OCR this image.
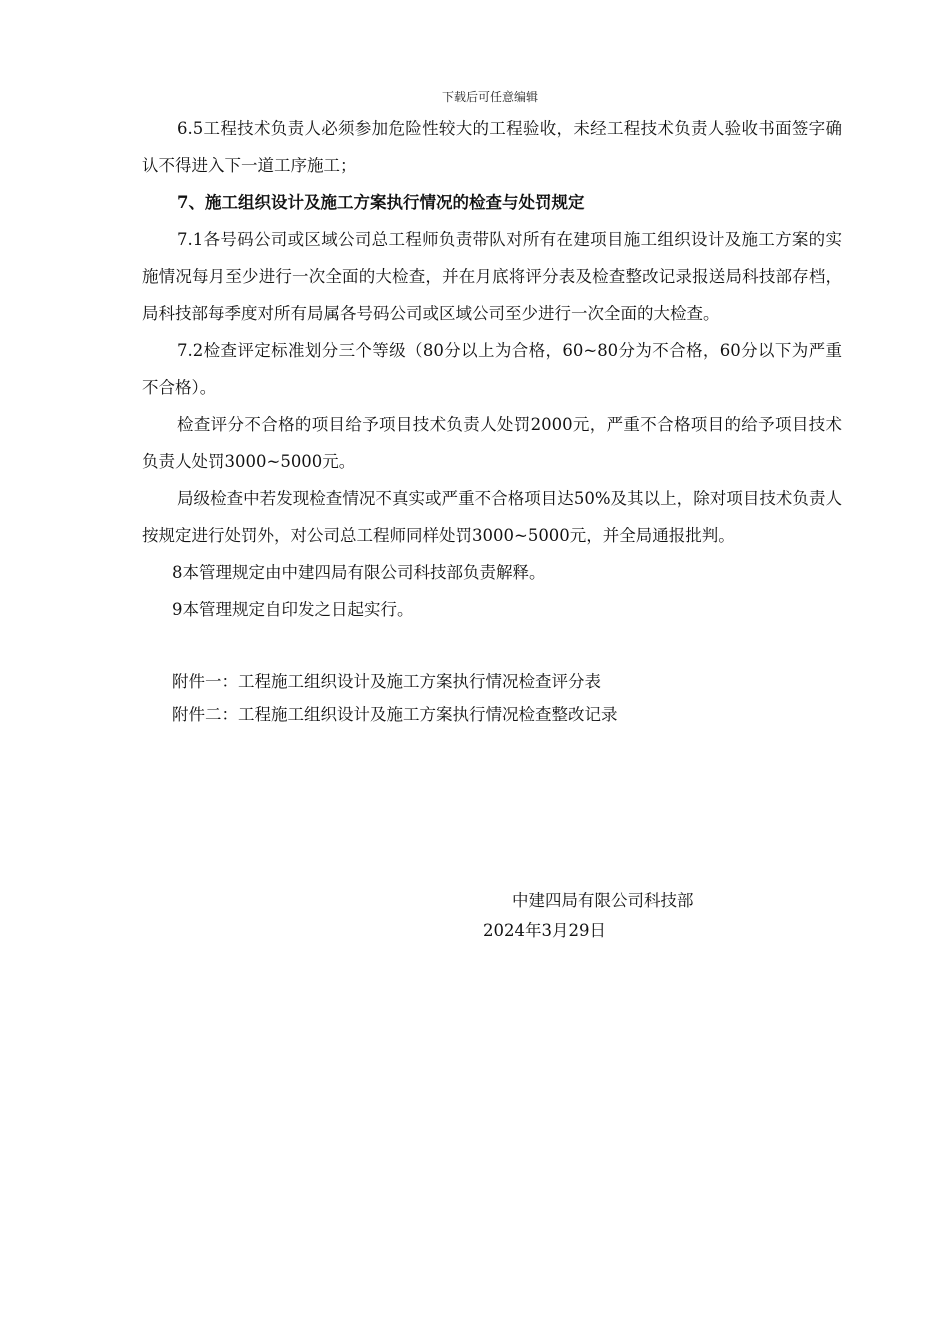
下载后可任意编辑

6.5工程技术负责人必须参加危险性较大的工程验收，未经工程技术负责人验收书面签字确认不得进入下一道工序施工；

7、施工组织设计及施工方案执行情况的检查与处罚规定

7.1各号码公司或区域公司总工程师负责带队对所有在建项目施工组织设计及施工方案的实施情况每月至少进行一次全面的大检查，并在月底将评分表及检查整改记录报送局科技部存档，局科技部每季度对所有局属各号码公司或区域公司至少进行一次全面的大检查。

7.2检查评定标准划分三个等级（80分以上为合格，60~80分为不合格，60分以下为严重不合格）。

检查评分不合格的项目给予项目技术负责人处罚2000元，严重不合格项目的给予项目技术负责人处罚3000~5000元。

局级检查中若发现检查情况不真实或严重不合格项目达50%及其以上，除对项目技术负责人按规定进行处罚外，对公司总工程师同样处罚3000~5000元，并全局通报批判。

8本管理规定由中建四局有限公司科技部负责解释。

9本管理规定自印发之日起实行。

附件一：工程施工组织设计及施工方案执行情况检查评分表

附件二：工程施工组织设计及施工方案执行情况检查整改记录

中建四局有限公司科技部
2024年3月29日
